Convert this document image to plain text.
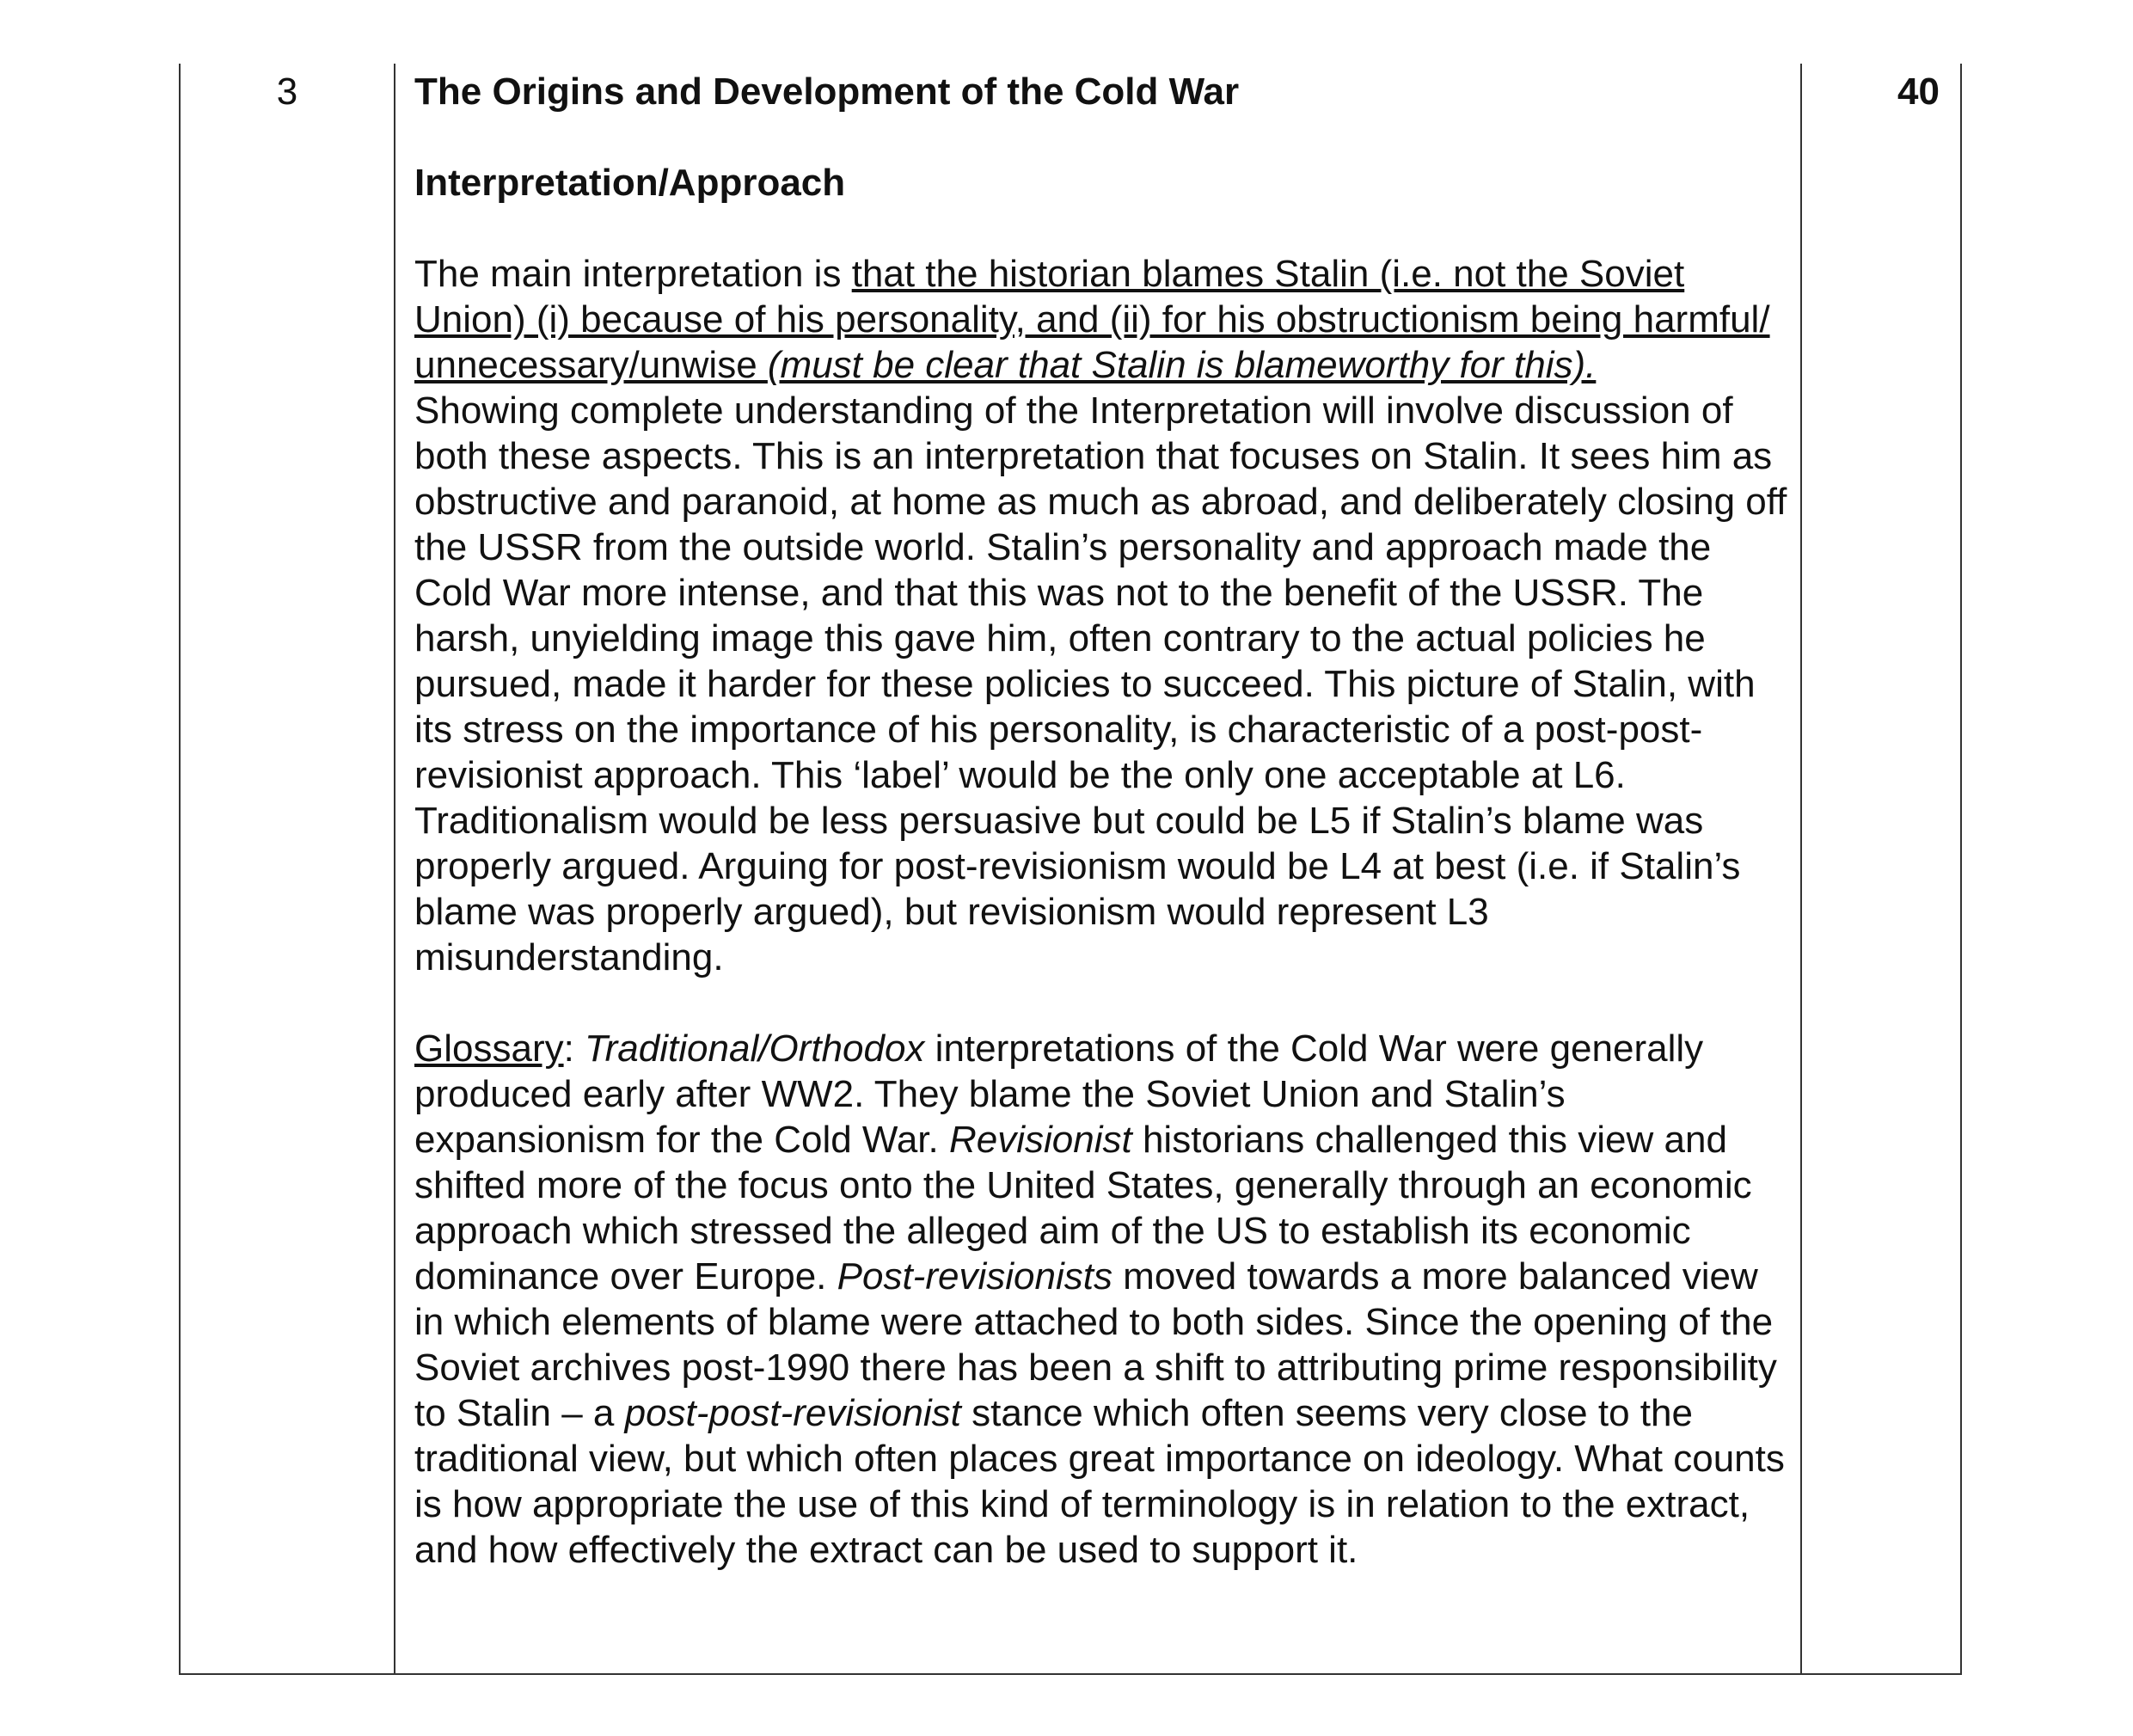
3	The Origins and Development of the Cold War

Interpretation/Approach

The main interpretation is that the historian blames Stalin (i.e. not the Soviet Union) (i) because of his personality, and (ii) for his obstructionism being harmful/
unnecessary/unwise (must be clear that Stalin is blameworthy for this).
Showing complete understanding of the Interpretation will involve discussion of both these aspects. This is an interpretation that focuses on Stalin. It sees him as obstructive and paranoid, at home as much as abroad, and deliberately closing off the USSR from the outside world. Stalin’s personality and approach made the Cold War more intense, and that this was not to the benefit of the USSR. The harsh, unyielding image this gave him, often contrary to the actual policies he pursued, made it harder for these policies to succeed. This picture of Stalin, with its stress on the importance of his personality, is characteristic of a post-post-revisionist approach. This ‘label’ would be the only one acceptable at L6. Traditionalism would be less persuasive but could be L5 if Stalin’s blame was properly argued. Arguing for post-revisionism would be L4 at best (i.e. if Stalin’s blame was properly argued), but revisionism would represent L3 misunderstanding.

Glossary: Traditional/Orthodox interpretations of the Cold War were generally produced early after WW2. They blame the Soviet Union and Stalin’s expansionism for the Cold War. Revisionist historians challenged this view and shifted more of the focus onto the United States, generally through an economic approach which stressed the alleged aim of the US to establish its economic dominance over Europe. Post-revisionists moved towards a more balanced view in which elements of blame were attached to both sides. Since the opening of the Soviet archives post-1990 there has been a shift to attributing prime responsibility to Stalin – a post-post-revisionist stance which often seems very close to the traditional view, but which often places great importance on ideology. What counts is how appropriate the use of this kind of terminology is in relation to the extract, and how effectively the extract can be used to support it.

40
